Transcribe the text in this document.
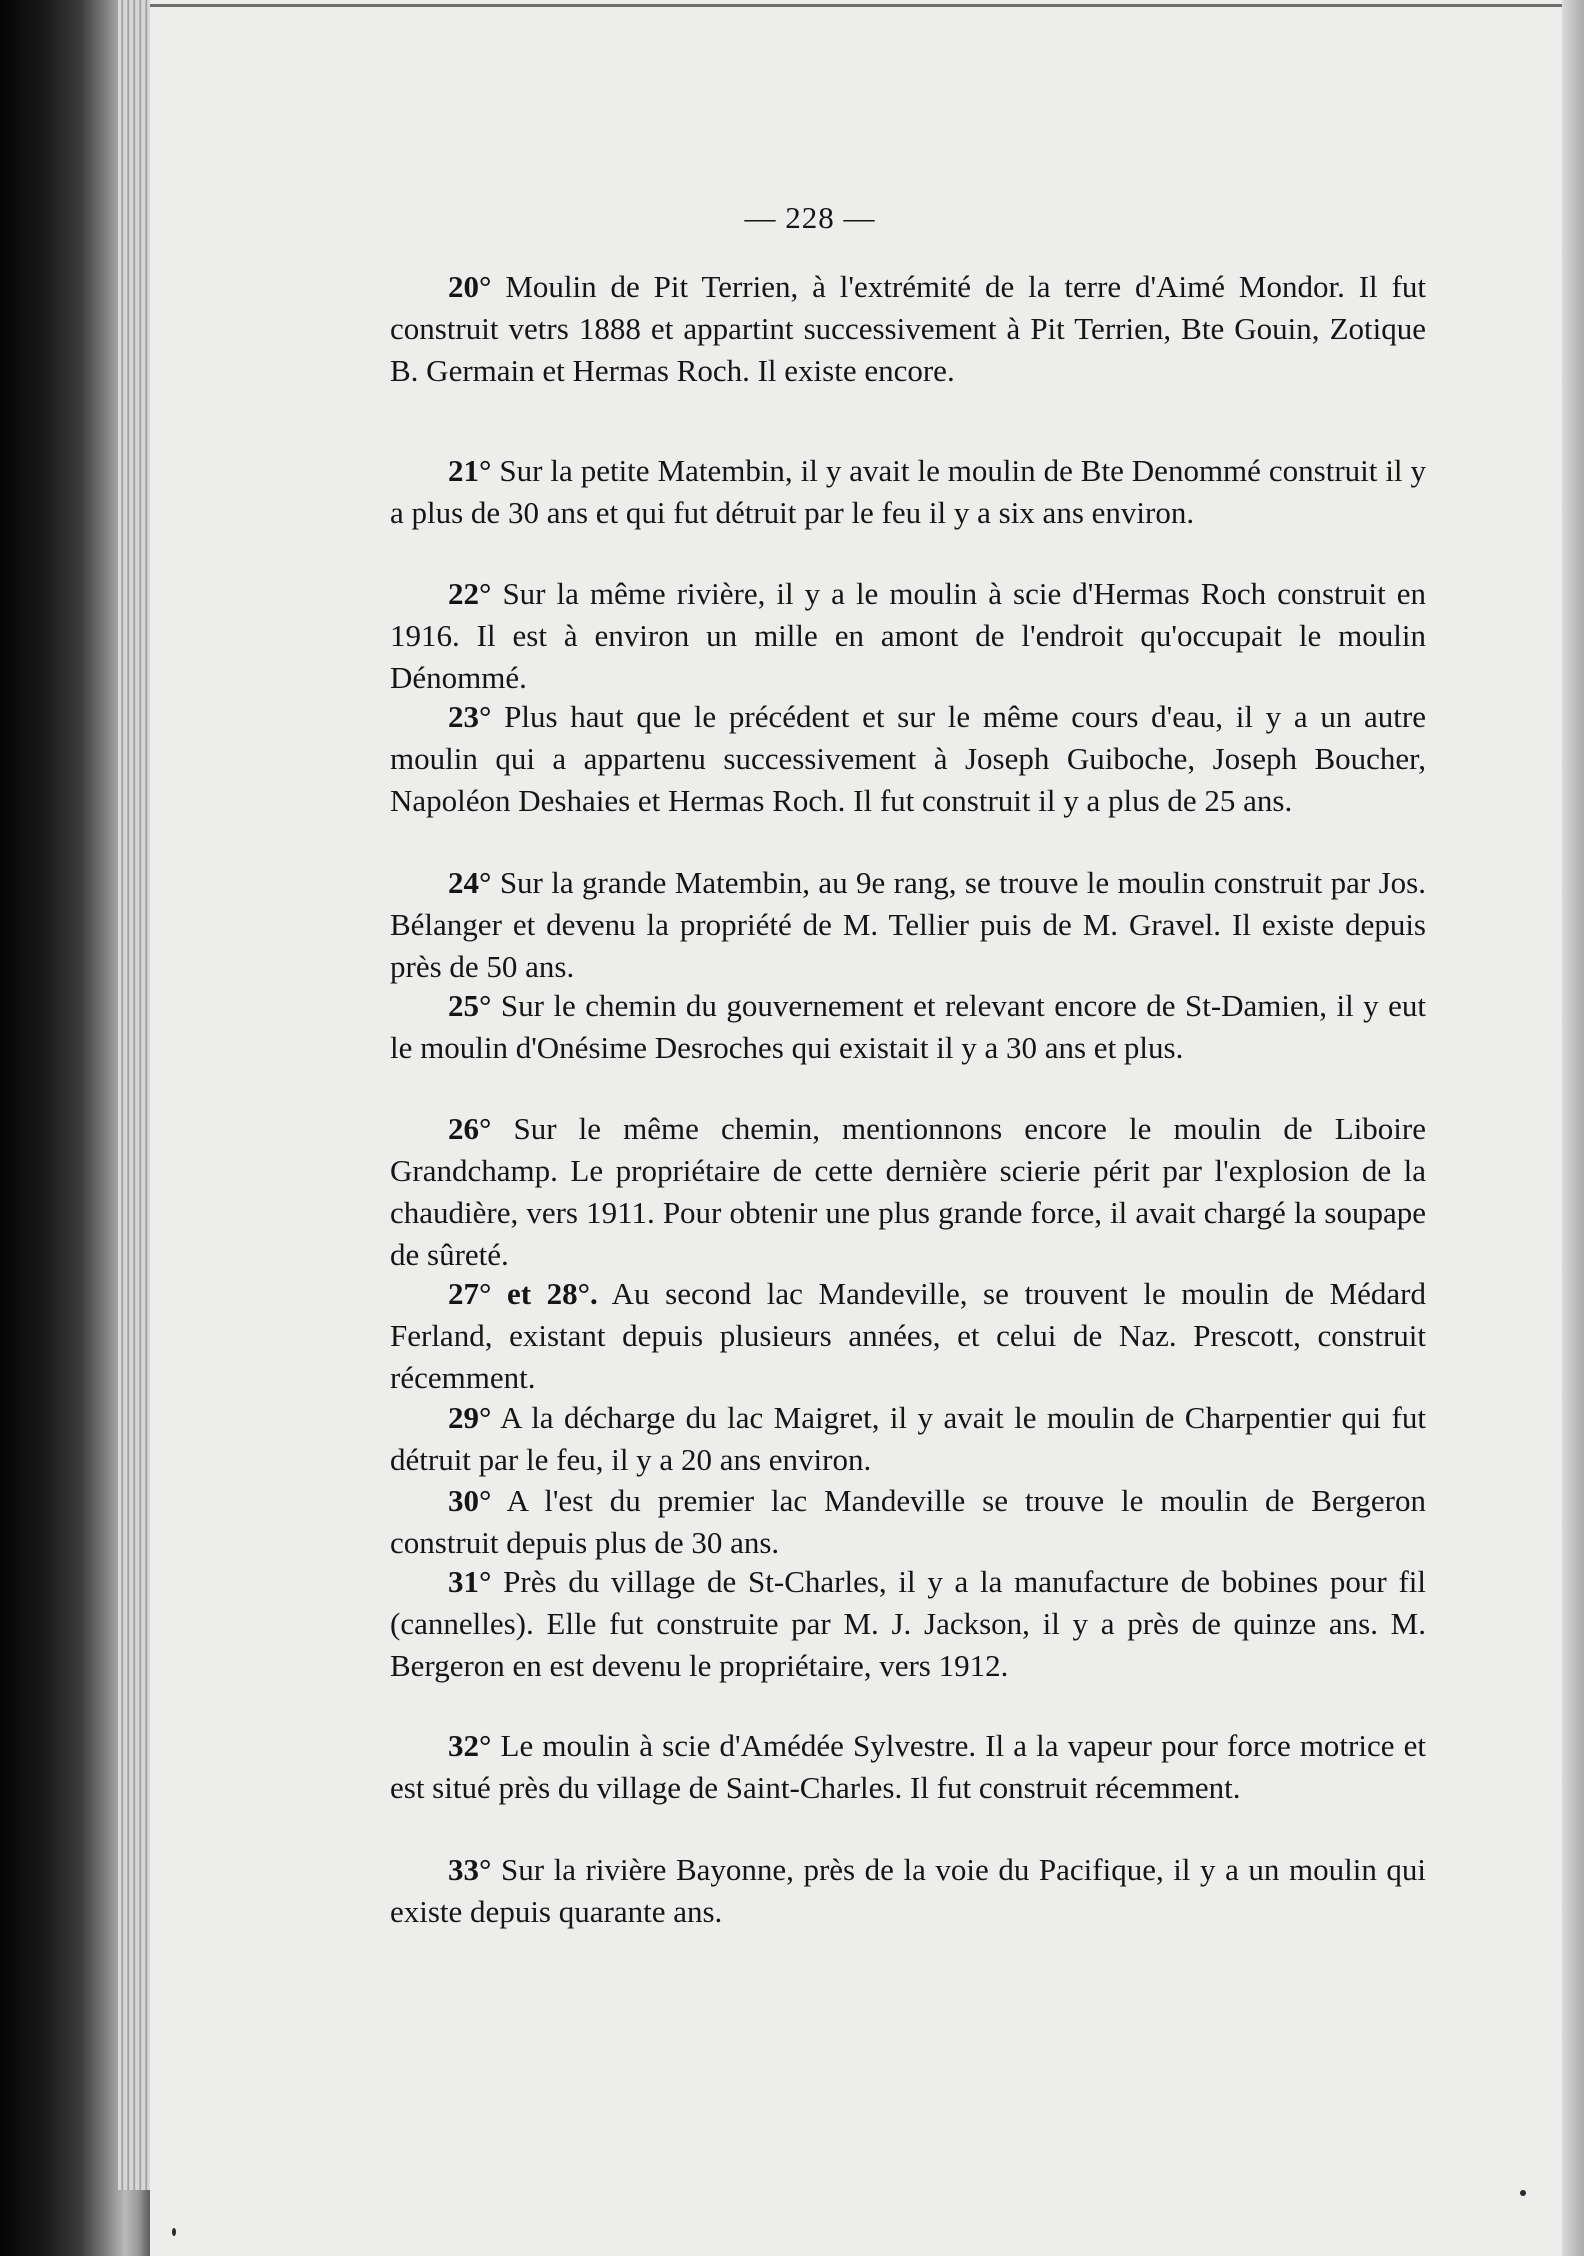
— 228 —
20° Moulin de Pit Terrien, à l'extrémité de la terre d'Aimé Mondor. Il fut construit vetrs 1888 et appartint successivement à Pit Terrien, Bte Gouin, Zotique B. Germain et Hermas Roch. Il existe encore.
21° Sur la petite Matembin, il y avait le moulin de Bte Denommé construit il y a plus de 30 ans et qui fut détruit par le feu il y a six ans environ.
22° Sur la même rivière, il y a le moulin à scie d'Hermas Roch construit en 1916. Il est à environ un mille en amont de l'endroit qu'occupait le moulin Dénommé.
23° Plus haut que le précédent et sur le même cours d'eau, il y a un autre moulin qui a appartenu successivement à Joseph Guiboche, Joseph Boucher, Napoléon Deshaies et Hermas Roch. Il fut construit il y a plus de 25 ans.
24° Sur la grande Matembin, au 9e rang, se trouve le moulin construit par Jos. Bélanger et devenu la propriété de M. Tellier puis de M. Gravel. Il existe depuis près de 50 ans.
25° Sur le chemin du gouvernement et relevant encore de St-Damien, il y eut le moulin d'Onésime Desroches qui existait il y a 30 ans et plus.
26° Sur le même chemin, mentionnons encore le moulin de Liboire Grandchamp. Le propriétaire de cette dernière scierie périt par l'explosion de la chaudière, vers 1911. Pour obtenir une plus grande force, il avait chargé la soupape de sûreté.
27° et 28°. Au second lac Mandeville, se trouvent le moulin de Médard Ferland, existant depuis plusieurs années, et celui de Naz. Prescott, construit récemment.
29° A la décharge du lac Maigret, il y avait le moulin de Charpentier qui fut détruit par le feu, il y a 20 ans environ.
30° A l'est du premier lac Mandeville se trouve le moulin de Bergeron construit depuis plus de 30 ans.
31° Près du village de St-Charles, il y a la manufacture de bobines pour fil (cannelles). Elle fut construite par M. J. Jackson, il y a près de quinze ans. M. Bergeron en est devenu le propriétaire, vers 1912.
32° Le moulin à scie d'Amédée Sylvestre. Il a la vapeur pour force motrice et est situé près du village de Saint-Charles. Il fut construit récemment.
33° Sur la rivière Bayonne, près de la voie du Pacifique, il y a un moulin qui existe depuis quarante ans.
